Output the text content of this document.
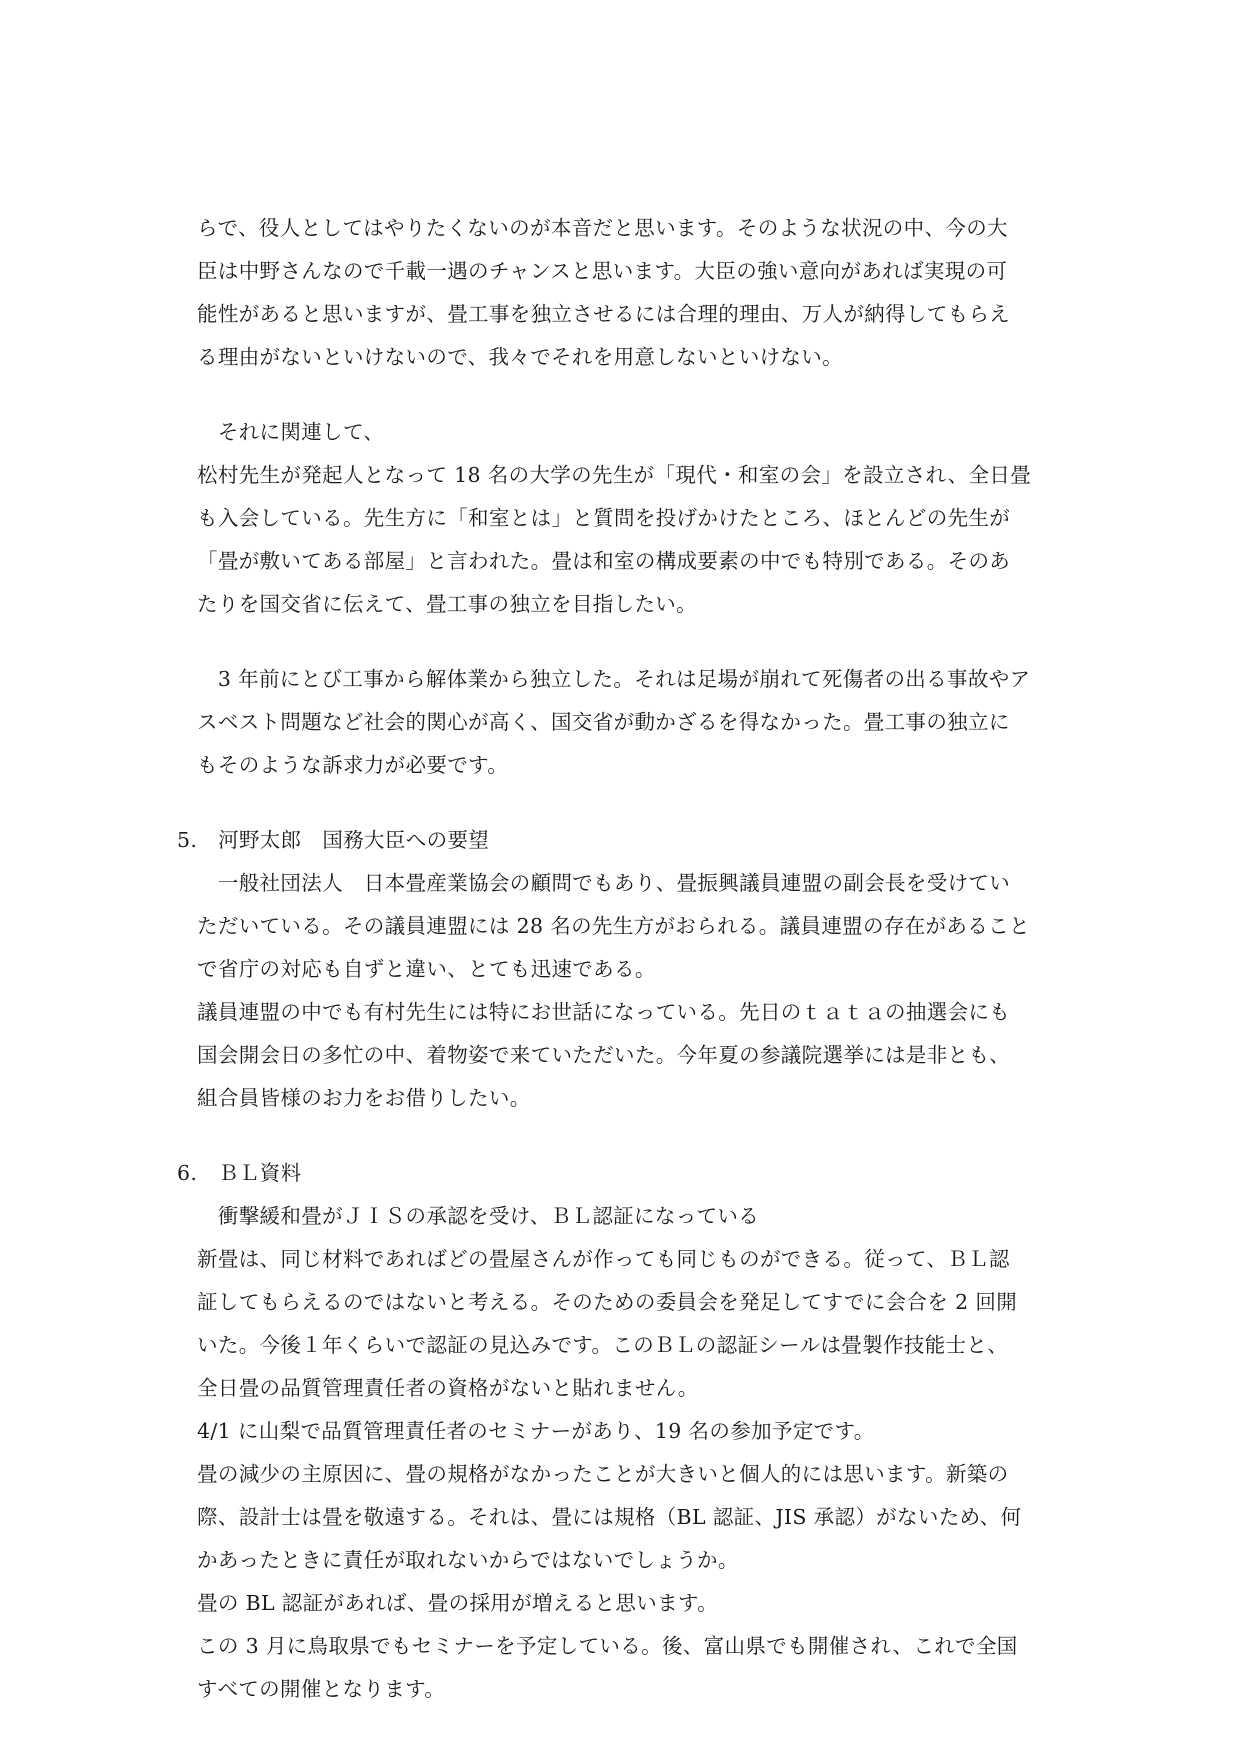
らで、役人としてはやりたくないのが本音だと思います。そのような状況の中、今の大
臣は中野さんなので千載一遇のチャンスと思います。大臣の強い意向があれば実現の可
能性があると思いますが、畳工事を独立させるには合理的理由、万人が納得してもらえ
る理由がないといけないので、我々でそれを用意しないといけない。
　それに関連して、
松村先生が発起人となって 18 名の大学の先生が「現代・和室の会」を設立され、全日畳
も入会している。先生方に「和室とは」と質問を投げかけたところ、ほとんどの先生が
「畳が敷いてある部屋」と言われた。畳は和室の構成要素の中でも特別である。そのあ
たりを国交省に伝えて、畳工事の独立を目指したい。
　3 年前にとび工事から解体業から独立した。それは足場が崩れて死傷者の出る事故やア
スベスト問題など社会的関心が高く、国交省が動かざるを得なかった。畳工事の独立に
もそのような訴求力が必要です。
5.　河野太郎　国務大臣への要望
　一般社団法人　日本畳産業協会の顧問でもあり、畳振興議員連盟の副会長を受けてい
ただいている。その議員連盟には 28 名の先生方がおられる。議員連盟の存在があること
で省庁の対応も自ずと違い、とても迅速である。
議員連盟の中でも有村先生には特にお世話になっている。先日のｔａｔａの抽選会にも
国会開会日の多忙の中、着物姿で来ていただいた。今年夏の参議院選挙には是非とも、
組合員皆様のお力をお借りしたい。
6.　ＢＬ資料
　衝撃緩和畳がＪＩＳの承認を受け、ＢＬ認証になっている
新畳は、同じ材料であればどの畳屋さんが作っても同じものができる。従って、ＢＬ認
証してもらえるのではないと考える。そのための委員会を発足してすでに会合を 2 回開
いた。今後１年くらいで認証の見込みです。このＢＬの認証シールは畳製作技能士と、
全日畳の品質管理責任者の資格がないと貼れません。
4/1 に山梨で品質管理責任者のセミナーがあり、19 名の参加予定です。
畳の減少の主原因に、畳の規格がなかったことが大きいと個人的には思います。新築の
際、設計士は畳を敬遠する。それは、畳には規格（BL 認証、JIS 承認）がないため、何
かあったときに責任が取れないからではないでしょうか。
畳の BL 認証があれば、畳の採用が増えると思います。
この 3 月に鳥取県でもセミナーを予定している。後、富山県でも開催され、これで全国
すべての開催となります。
